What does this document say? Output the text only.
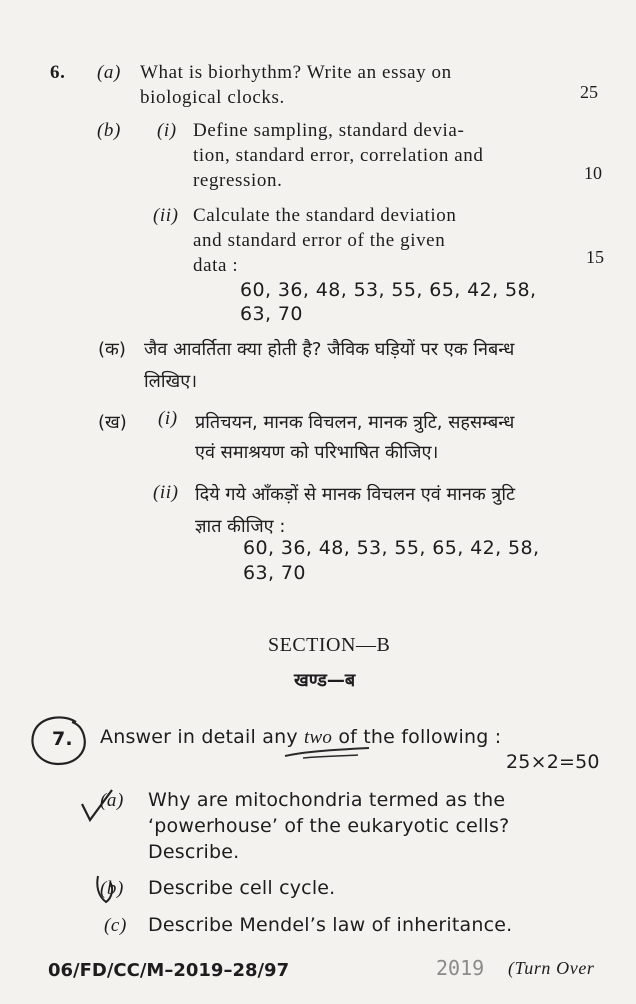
6. (a) What is biorhythm? Write an essay on
biological clocks.	25
(b) (i) Define sampling, standard devia-
tion, standard error, correlation and
regression.	10
(ii) Calculate the standard deviation
and standard error of the given
data :	15
60, 36, 48, 53, 55, 65, 42, 58,
63, 70
(क) जैव आवर्तिता क्या होती है? जैविक घड़ियों पर एक निबन्ध
लिखिए।
(ख) (i) प्रतिचयन, मानक विचलन, मानक त्रुटि, सहसम्बन्ध
एवं समाश्रयण को परिभाषित कीजिए।
(ii) दिये गये आँकड़ों से मानक विचलन एवं मानक त्रुटि
ज्ञात कीजिए :
60, 36, 48, 53, 55, 65, 42, 58,
63, 70
SECTION—B
खण्ड—ब
7. Answer in detail any two of the following :
25×2=50
(a) Why are mitochondria termed as the
‘powerhouse’ of the eukaryotic cells?
Describe.
(b) Describe cell cycle.
(c) Describe Mendel’s law of inheritance.
06/FD/CC/M–2019–28/97	2019 (Turn Over
